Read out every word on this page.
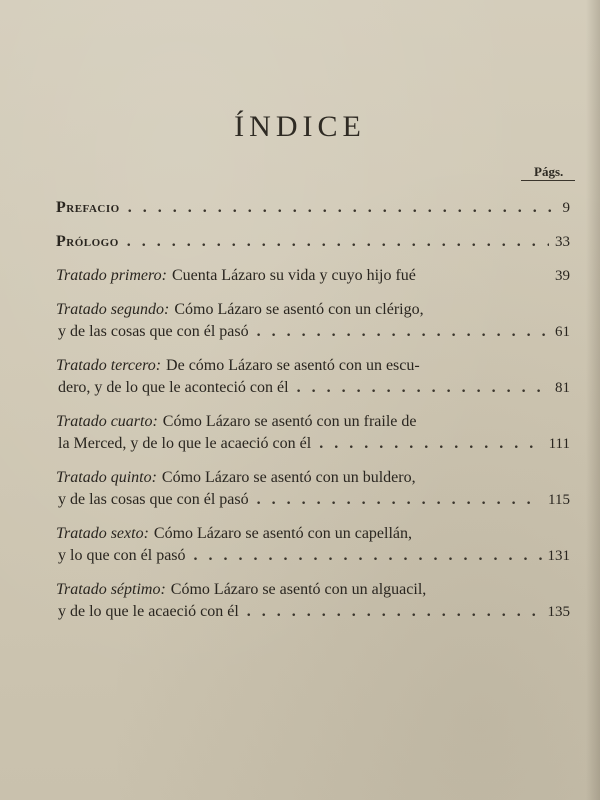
ÍNDICE
Págs.
Prefacio . . .	9
Prólogo . . .	33
Tratado primero: Cuenta Lázaro su vida y cuyo hijo fué	39
Tratado segundo: Cómo Lázaro se asentó con un clérigo,
y de las cosas que con él pasó . . .	61
Tratado tercero: De cómo Lázaro se asentó con un escu-
dero, y de lo que le aconteció con él . . .	81
Tratado cuarto: Cómo Lázaro se asentó con un fraile de
la Merced, y de lo que le acaeció con él . . .	111
Tratado quinto: Cómo Lázaro se asentó con un buldero,
y de las cosas que con él pasó . . .	115
Tratado sexto: Cómo Lázaro se asentó con un capellán,
y lo que con él pasó . . .	131
Tratado séptimo: Cómo Lázaro se asentó con un alguacil,
y de lo que le acaeció con él . . .	135
